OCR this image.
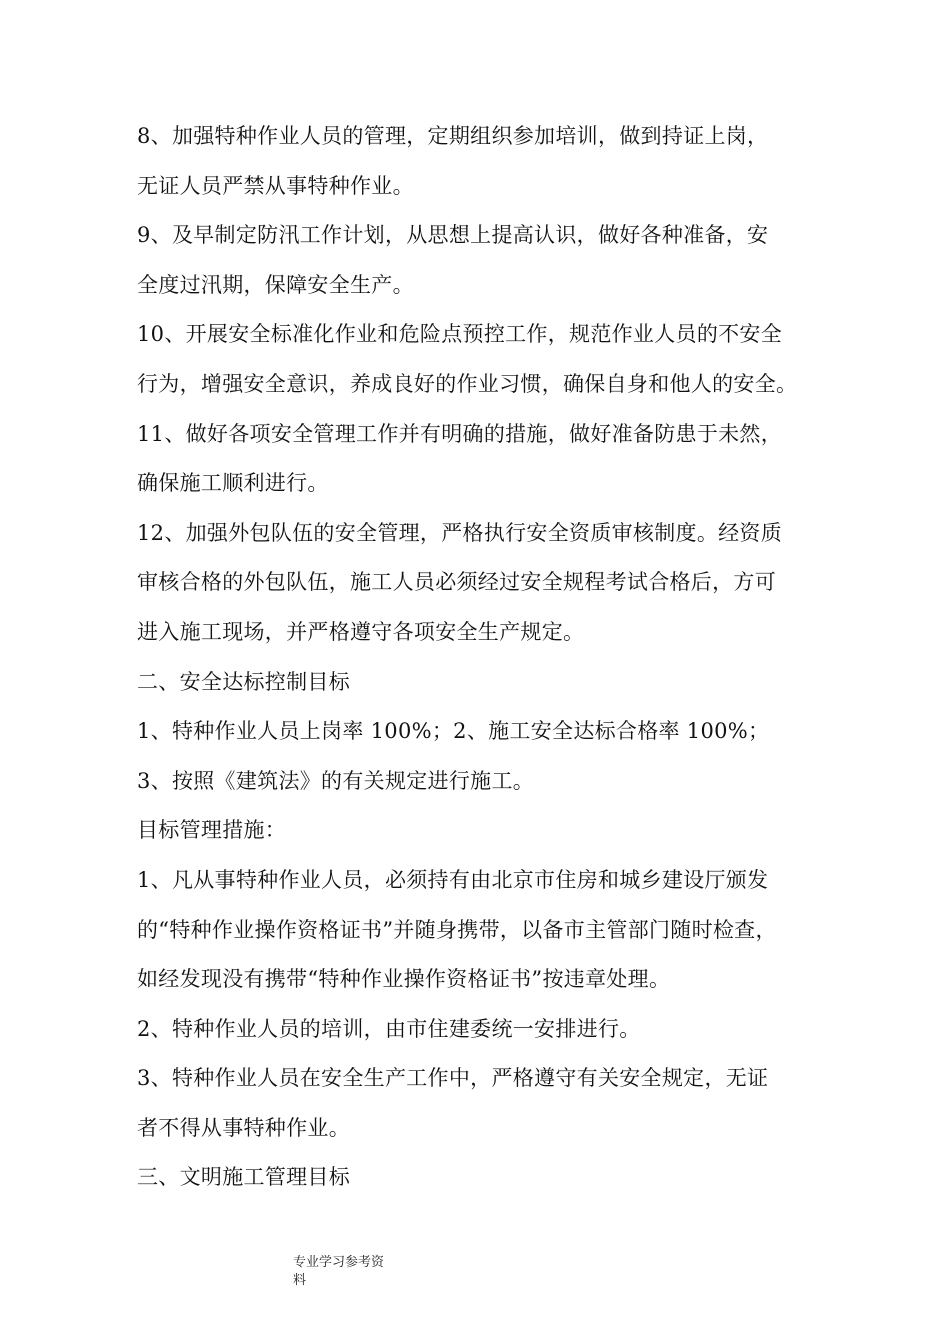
8、加强特种作业人员的管理，定期组织参加培训，做到持证上岗，
无证人员严禁从事特种作业。
9、及早制定防汛工作计划，从思想上提高认识，做好各种准备，安
全度过汛期，保障安全生产。
10、开展安全标准化作业和危险点预控工作，规范作业人员的不安全
行为，增强安全意识，养成良好的作业习惯，确保自身和他人的安全。
11、做好各项安全管理工作并有明确的措施，做好准备防患于未然，
确保施工顺利进行。
12、加强外包队伍的安全管理，严格执行安全资质审核制度。经资质
审核合格的外包队伍，施工人员必须经过安全规程考试合格后，方可
进入施工现场，并严格遵守各项安全生产规定。
二、安全达标控制目标
1、特种作业人员上岗率 100%；2、施工安全达标合格率 100%；
3、按照《建筑法》的有关规定进行施工。
目标管理措施：
1、凡从事特种作业人员，必须持有由北京市住房和城乡建设厅颁发
的“特种作业操作资格证书”并随身携带，以备市主管部门随时检查，
如经发现没有携带“特种作业操作资格证书”按违章处理。
2、特种作业人员的培训，由市住建委统一安排进行。
3、特种作业人员在安全生产工作中，严格遵守有关安全规定，无证
者不得从事特种作业。
三、文明施工管理目标
专业学习参考资
料
